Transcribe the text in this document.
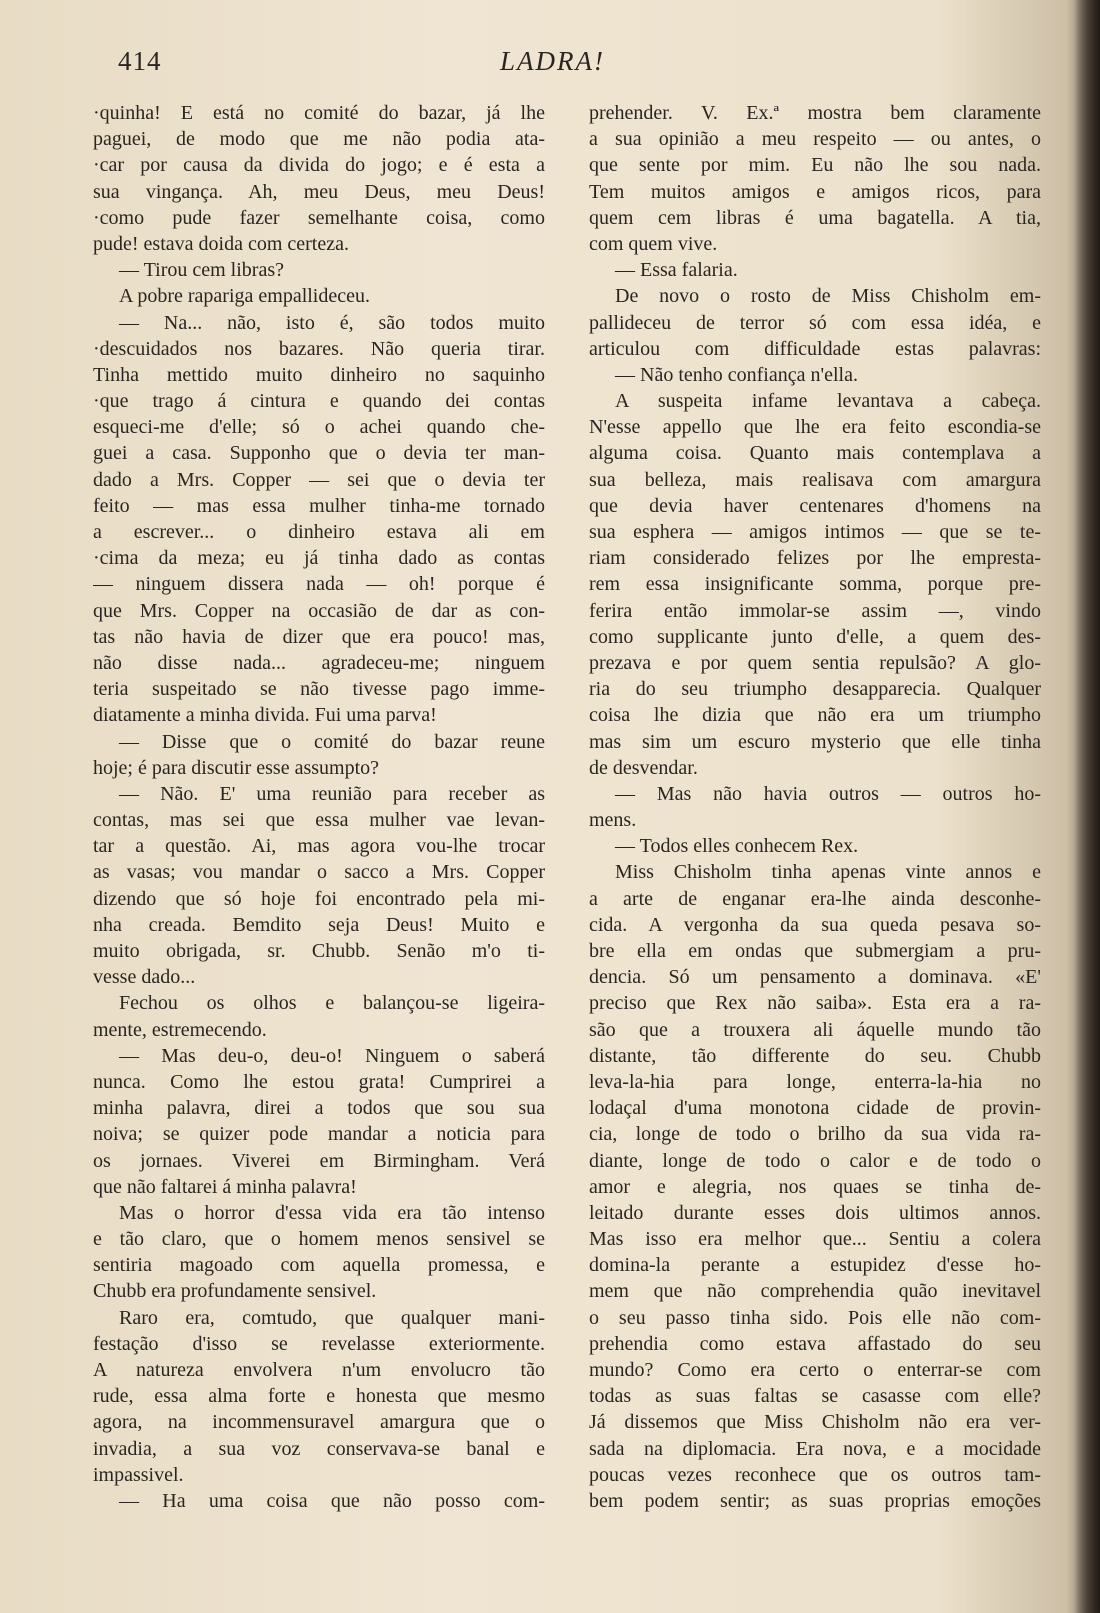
414	LADRA!
·quinha! E está no comité do bazar, já lhe
paguei, de modo que me não podia ata-
·car por causa da divida do jogo; e é esta a
sua vingança. Ah, meu Deus, meu Deus!
·como pude fazer semelhante coisa, como
pude! estava doida com certeza.
— Tirou cem libras?
A pobre rapariga empallideceu.
— Na... não, isto é, são todos muito
·descuidados nos bazares. Não queria tirar.
Tinha mettido muito dinheiro no saquinho
·que trago á cintura e quando dei contas
esqueci-me d'elle; só o achei quando che-
guei a casa. Supponho que o devia ter man-
dado a Mrs. Copper — sei que o devia ter
feito — mas essa mulher tinha-me tornado
a escrever... o dinheiro estava ali em
·cima da meza; eu já tinha dado as contas
— ninguem dissera nada — oh! porque é
que Mrs. Copper na occasião de dar as con-
tas não havia de dizer que era pouco! mas,
não disse nada... agradeceu-me; ninguem
teria suspeitado se não tivesse pago imme-
diatamente a minha divida. Fui uma parva!
— Disse que o comité do bazar reune
hoje; é para discutir esse assumpto?
— Não. E' uma reunião para receber as
contas, mas sei que essa mulher vae levan-
tar a questão. Ai, mas agora vou-lhe trocar
as vasas; vou mandar o sacco a Mrs. Copper
dizendo que só hoje foi encontrado pela mi-
nha creada. Bemdito seja Deus! Muito e
muito obrigada, sr. Chubb. Senão m'o ti-
vesse dado...
Fechou os olhos e balançou-se ligeira-
mente, estremecendo.
— Mas deu-o, deu-o! Ninguem o saberá
nunca. Como lhe estou grata! Cumprirei a
minha palavra, direi a todos que sou sua
noiva; se quizer pode mandar a noticia para
os jornaes. Viverei em Birmingham. Verá
que não faltarei á minha palavra!
Mas o horror d'essa vida era tão intenso
e tão claro, que o homem menos sensivel se
sentiria magoado com aquella promessa, e
Chubb era profundamente sensivel.
Raro era, comtudo, que qualquer mani-
festação d'isso se revelasse exteriormente.
A natureza envolvera n'um envolucro tão
rude, essa alma forte e honesta que mesmo
agora, na incommensuravel amargura que o
invadia, a sua voz conservava-se banal e
impassivel.
— Ha uma coisa que não posso com-
prehender. V. Ex.ª mostra bem claramente
a sua opinião a meu respeito — ou antes, o
que sente por mim. Eu não lhe sou nada.
Tem muitos amigos e amigos ricos, para
quem cem libras é uma bagatella. A tia,
com quem vive.
— Essa falaria.
De novo o rosto de Miss Chisholm em-
pallideceu de terror só com essa idéa, e
articulou com difficuldade estas palavras:
— Não tenho confiança n'ella.
A suspeita infame levantava a cabeça.
N'esse appello que lhe era feito escondia-se
alguma coisa. Quanto mais contemplava a
sua belleza, mais realisava com amargura
que devia haver centenares d'homens na
sua esphera — amigos intimos — que se te-
riam considerado felizes por lhe empresta-
rem essa insignificante somma, porque pre-
ferira então immolar-se assim —, vindo
como supplicante junto d'elle, a quem des-
prezava e por quem sentia repulsão? A glo-
ria do seu triumpho desapparecia. Qualquer
coisa lhe dizia que não era um triumpho
mas sim um escuro mysterio que elle tinha
de desvendar.
— Mas não havia outros — outros ho-
mens.
— Todos elles conhecem Rex.
Miss Chisholm tinha apenas vinte annos e
a arte de enganar era-lhe ainda desconhe-
cida. A vergonha da sua queda pesava so-
bre ella em ondas que submergiam a pru-
dencia. Só um pensamento a dominava. «E'
preciso que Rex não saiba». Esta era a ra-
são que a trouxera ali áquelle mundo tão
distante, tão differente do seu. Chubb
leva-la-hia para longe, enterra-la-hia no
lodaçal d'uma monotona cidade de provin-
cia, longe de todo o brilho da sua vida ra-
diante, longe de todo o calor e de todo o
amor e alegria, nos quaes se tinha de-
leitado durante esses dois ultimos annos.
Mas isso era melhor que... Sentiu a colera
domina-la perante a estupidez d'esse ho-
mem que não comprehendia quão inevitavel
o seu passo tinha sido. Pois elle não com-
prehendia como estava affastado do seu
mundo? Como era certo o enterrar-se com
todas as suas faltas se casasse com elle?
Já dissemos que Miss Chisholm não era ver-
sada na diplomacia. Era nova, e a mocidade
poucas vezes reconhece que os outros tam-
bem podem sentir; as suas proprias emoções
